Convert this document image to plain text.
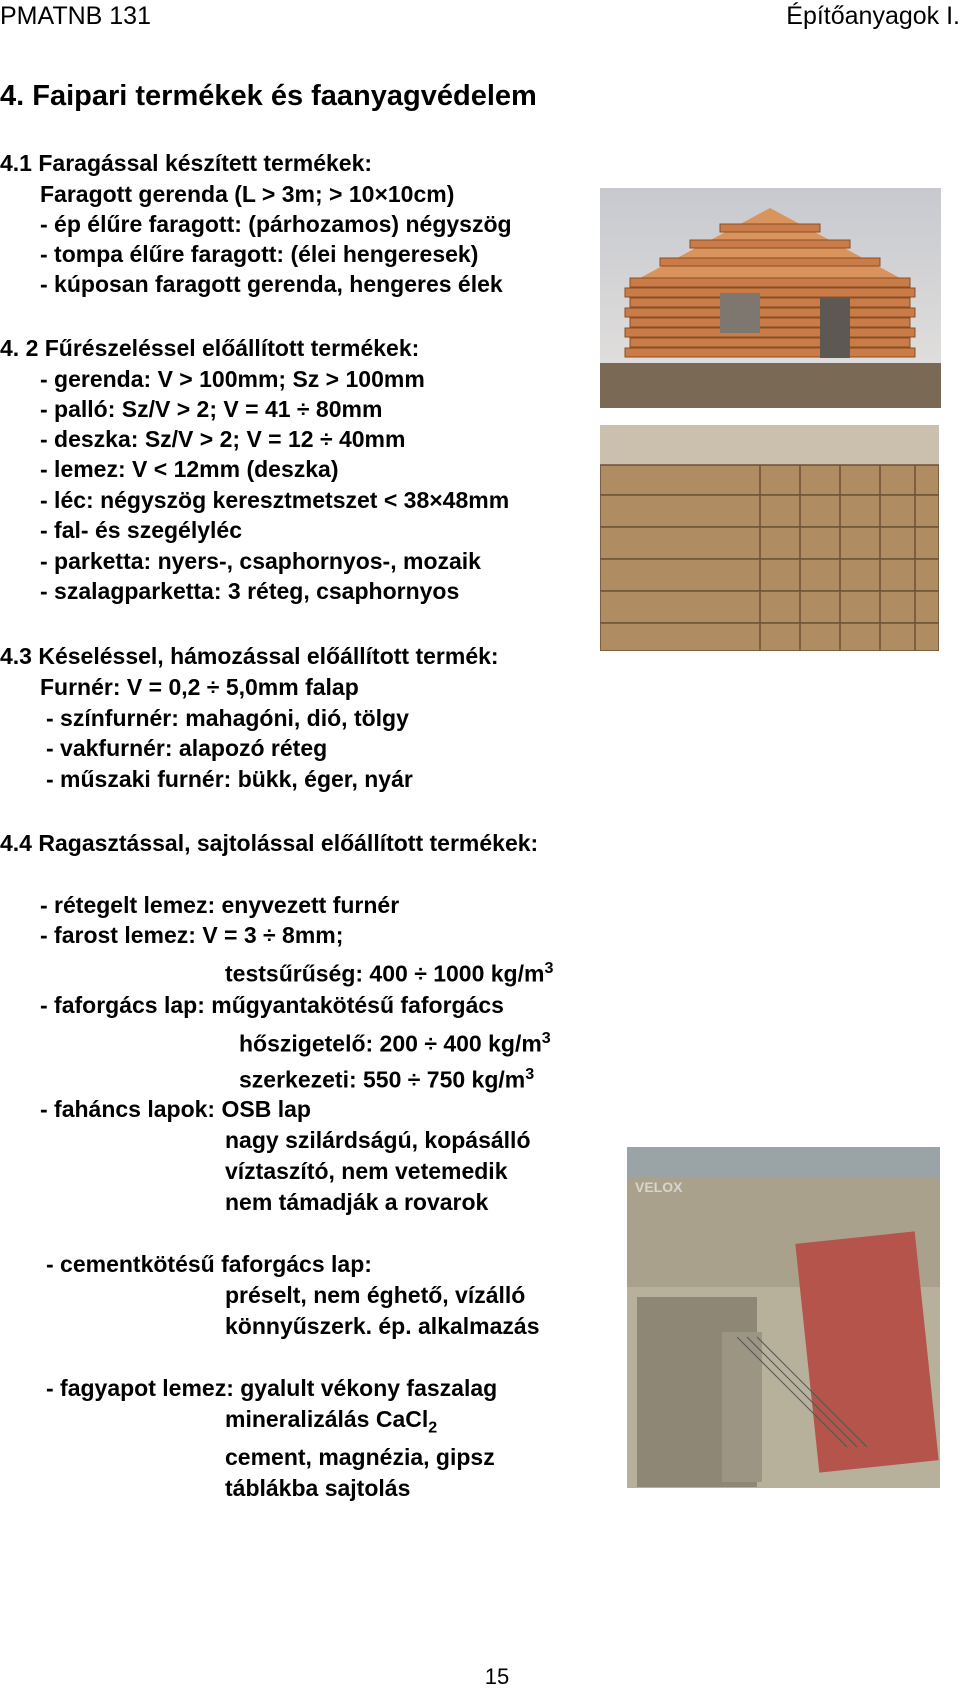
PMATNB 131	Építőanyagok I.
4. Faipari termékek és faanyagvédelem
4.1 Faragással készített termékek:
Faragott gerenda (L > 3m; > 10×10cm)
- ép élűre faragott: (párhozamos) négyszög
- tompa élűre faragott: (élei hengeresek)
- kúposan faragott gerenda, hengeres élek
4. 2 Fűrészeléssel előállított termékek:
- gerenda: V > 100mm; Sz > 100mm
- palló: Sz/V > 2; V = 41 ÷ 80mm
- deszka: Sz/V > 2; V = 12 ÷ 40mm
- lemez: V < 12mm (deszka)
- léc: négyszög keresztmetszet < 38×48mm
- fal- és szegélyléc
- parketta: nyers-, csaphornyos-, mozaik
- szalagparketta: 3 réteg, csaphornyos
4.3 Késeléssel, hámozással előállított termék:
Furnér: V = 0,2 ÷ 5,0mm falap
- színfurnér: mahagóni, dió, tölgy
- vakfurnér: alapozó réteg
- műszaki furnér: bükk, éger, nyár
4.4 Ragasztással, sajtolással előállított termékek:
- rétegelt lemez: enyvezett furnér
- farost lemez: V = 3 ÷ 8mm;
testsűrűség: 400 ÷ 1000 $kg/m^3$
- faforgács lap: műgyantakötésű faforgács
hőszigetelő: 200 ÷ 400 $kg/m^3$
szerkezeti: 550 ÷ 750 $kg/m^3$
- faháncs lapok: OSB lap
nagy szilárdságú, kopásálló
víztaszító, nem vetemedik
nem támadják a rovarok
- cementkötésű faforgács lap:
préselt, nem éghető, vízálló
könnyűszerk. ép. alkalmazás
- fagyapot lemez: gyalult vékony faszalag
mineralizálás CaCl$_2$
cement, magnézia, gipsz
táblákba sajtolás
VELOX
15
